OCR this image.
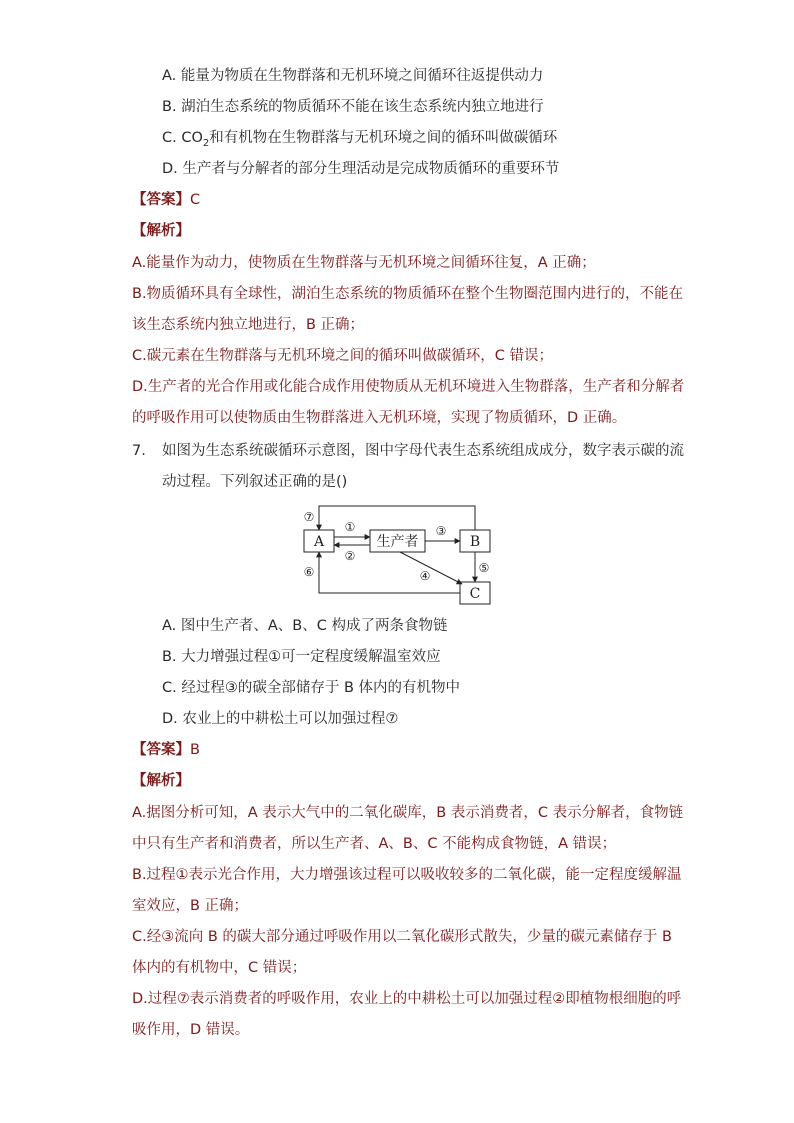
A. 能量为物质在生物群落和无机环境之间循环往返提供动力
B. 湖泊生态系统的物质循环不能在该生态系统内独立地进行
C. $CO_2$和有机物在生物群落与无机环境之间的循环叫做碳循环
D. 生产者与分解者的部分生理活动是完成物质循环的重要环节
【答案】C
【解析】
A.能量作为动力，使物质在生物群落与无机环境之间循环往复，A 正确；
B.物质循环具有全球性，湖泊生态系统的物质循环在整个生物圈范围内进行的，不能在
该生态系统内独立地进行，B 正确；
C.碳元素在生物群落与无机环境之间的循环叫做碳循环，C 错误；
D.生产者的光合作用或化能合成作用使物质从无机环境进入生物群落，生产者和分解者
的呼吸作用可以使物质由生物群落进入无机环境，实现了物质循环，D 正确。
7. 如图为生态系统碳循环示意图，图中字母代表生态系统组成成分，数字表示碳的流
动过程。下列叙述正确的是()
A	生产者	B
C
①
②
③
④
⑤
⑥
⑦
A. 图中生产者、A、B、C 构成了两条食物链
B. 大力增强过程①可一定程度缓解温室效应
C. 经过程③的碳全部储存于 B 体内的有机物中
D. 农业上的中耕松土可以加强过程⑦
【答案】B
【解析】
A.据图分析可知，A 表示大气中的二氧化碳库，B 表示消费者，C 表示分解者，食物链
中只有生产者和消费者，所以生产者、A、B、C 不能构成食物链，A 错误；
B.过程①表示光合作用，大力增强该过程可以吸收较多的二氧化碳，能一定程度缓解温
室效应，B 正确；
C.经③流向 B 的碳大部分通过呼吸作用以二氧化碳形式散失，少量的碳元素储存于 B
体内的有机物中，C 错误；
D.过程⑦表示消费者的呼吸作用，农业上的中耕松土可以加强过程②即植物根细胞的呼
吸作用，D 错误。
